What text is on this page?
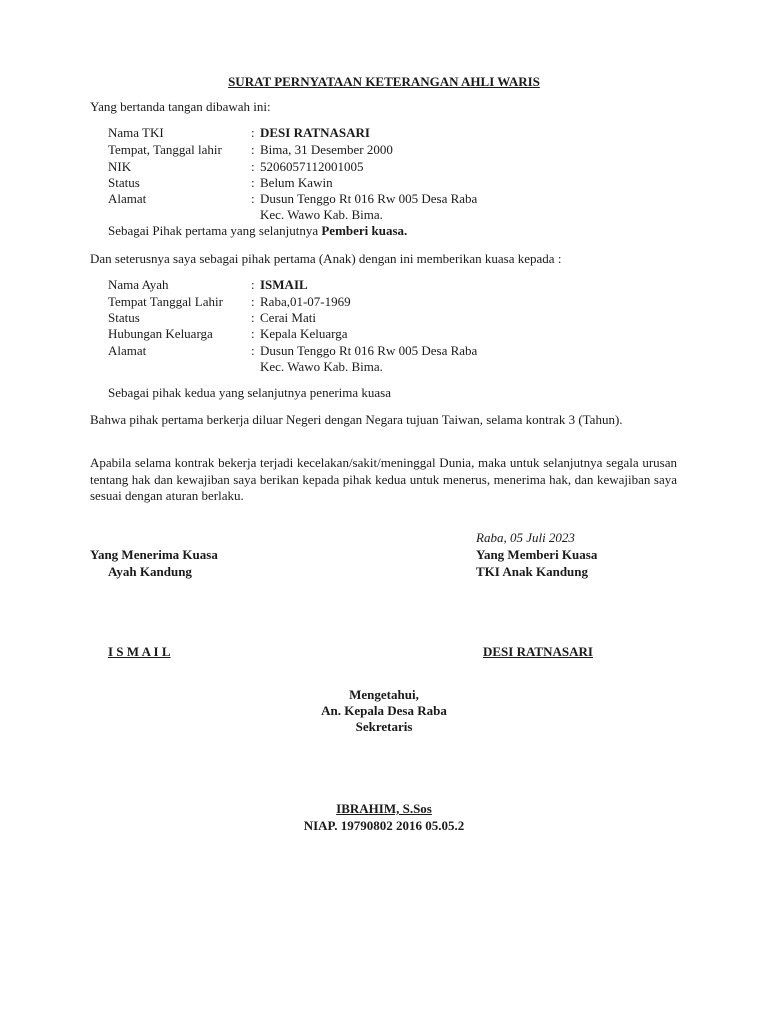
SURAT PERNYATAAN KETERANGAN AHLI WARIS
Yang bertanda tangan dibawah ini:
Nama TKI	: DESI RATNASARI
Tempat, Tanggal lahir : Bima, 31 Desember 2000
NIK	: 5206057112001005
Status	: Belum Kawin
Alamat	: Dusun Tenggo Rt 016 Rw 005 Desa Raba
Kec. Wawo Kab. Bima.
Sebagai Pihak pertama yang selanjutnya Pemberi kuasa.
Dan seterusnya saya sebagai pihak pertama (Anak) dengan ini memberikan kuasa kepada :
Nama Ayah	: ISMAIL
Tempat Tanggal Lahir : Raba,01-07-1969
Status	: Cerai Mati
Hubungan Keluarga	: Kepala Keluarga
Alamat	: Dusun Tenggo Rt 016 Rw 005 Desa Raba
Kec. Wawo Kab. Bima.
Sebagai pihak kedua yang selanjutnya penerima kuasa
Bahwa pihak pertama berkerja diluar Negeri dengan Negara tujuan Taiwan, selama kontrak 3 (Tahun).
Apabila selama kontrak bekerja terjadi kecelakan/sakit/meninggal Dunia, maka untuk selanjutnya segala urusan tentang hak dan kewajiban saya berikan kepada pihak kedua untuk menerus, menerima hak, dan kewajiban saya sesuai dengan aturan berlaku.
Raba, 05 Juli 2023
Yang Menerima Kuasa
Ayah Kandung
Yang Memberi Kuasa
TKI Anak Kandung
I S M A I L	DESI RATNASARI
Mengetahui,
An. Kepala Desa Raba
Sekretaris
IBRAHIM, S.Sos
NIAP. 19790802 2016 05.05.2
